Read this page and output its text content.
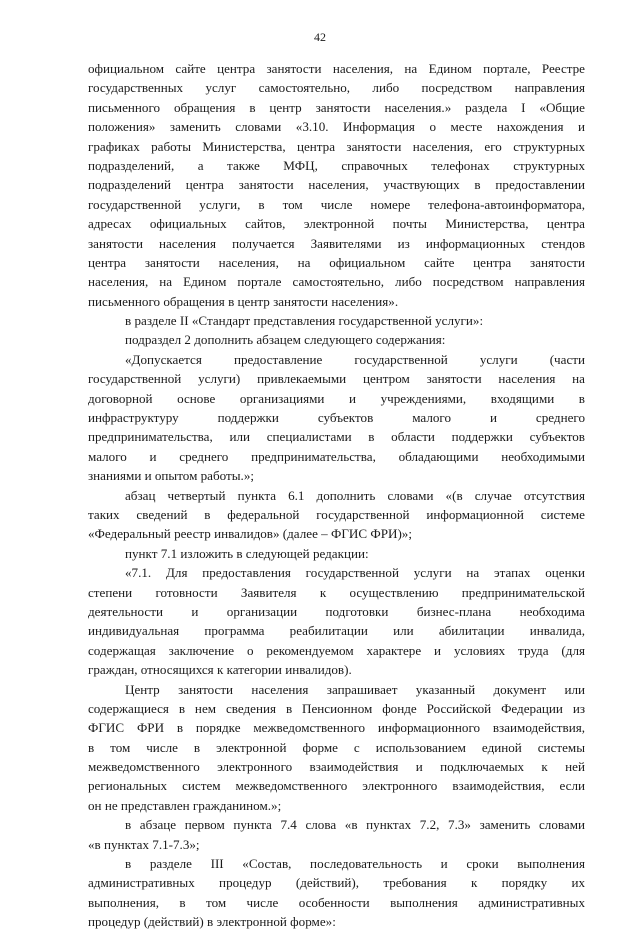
42
официальном сайте центра занятости населения, на Едином портале, Реестре
государственных услуг самостоятельно, либо посредством направления
письменного обращения в центр занятости населения.» раздела I «Общие
положения» заменить словами «3.10. Информация о месте нахождения и
графиках работы Министерства, центра занятости населения, его структурных
подразделений, а также МФЦ, справочных телефонах структурных
подразделений центра занятости населения, участвующих в предоставлении
государственной услуги, в том числе номере телефона-автоинформатора,
адресах официальных сайтов, электронной почты Министерства, центра
занятости населения получается Заявителями из информационных стендов
центра занятости населения, на официальном сайте центра занятости
населения, на Едином портале самостоятельно, либо посредством направления
письменного обращения в центр занятости населения».
в разделе II «Стандарт представления государственной услуги»:
подраздел 2 дополнить абзацем следующего содержания:
«Допускается предоставление государственной услуги (части
государственной услуги) привлекаемыми центром занятости населения на
договорной основе организациями и учреждениями, входящими в
инфраструктуру поддержки субъектов малого и среднего
предпринимательства, или специалистами в области поддержки субъектов
малого и среднего предпринимательства, обладающими необходимыми
знаниями и опытом работы.»;
абзац четвертый пункта 6.1 дополнить словами «(в случае отсутствия
таких сведений в федеральной государственной информационной системе
«Федеральный реестр инвалидов» (далее – ФГИС ФРИ)»;
пункт 7.1 изложить в следующей редакции:
«7.1. Для предоставления государственной услуги на этапах оценки
степени готовности Заявителя к осуществлению предпринимательской
деятельности и организации подготовки бизнес-плана необходима
индивидуальная программа реабилитации или абилитации инвалида,
содержащая заключение о рекомендуемом характере и условиях труда (для
граждан, относящихся к категории инвалидов).
Центр занятости населения запрашивает указанный документ или
содержащиеся в нем сведения в Пенсионном фонде Российской Федерации из
ФГИС ФРИ в порядке межведомственного информационного взаимодействия,
в том числе в электронной форме с использованием единой системы
межведомственного электронного взаимодействия и подключаемых к ней
региональных систем межведомственного электронного взаимодействия, если
он не представлен гражданином.»;
в абзаце первом пункта 7.4 слова «в пунктах 7.2, 7.3» заменить словами
«в пунктах 7.1-7.3»;
в разделе III «Состав, последовательность и сроки выполнения
административных процедур (действий), требования к порядку их
выполнения, в том числе особенности выполнения административных
процедур (действий) в электронной форме»:
